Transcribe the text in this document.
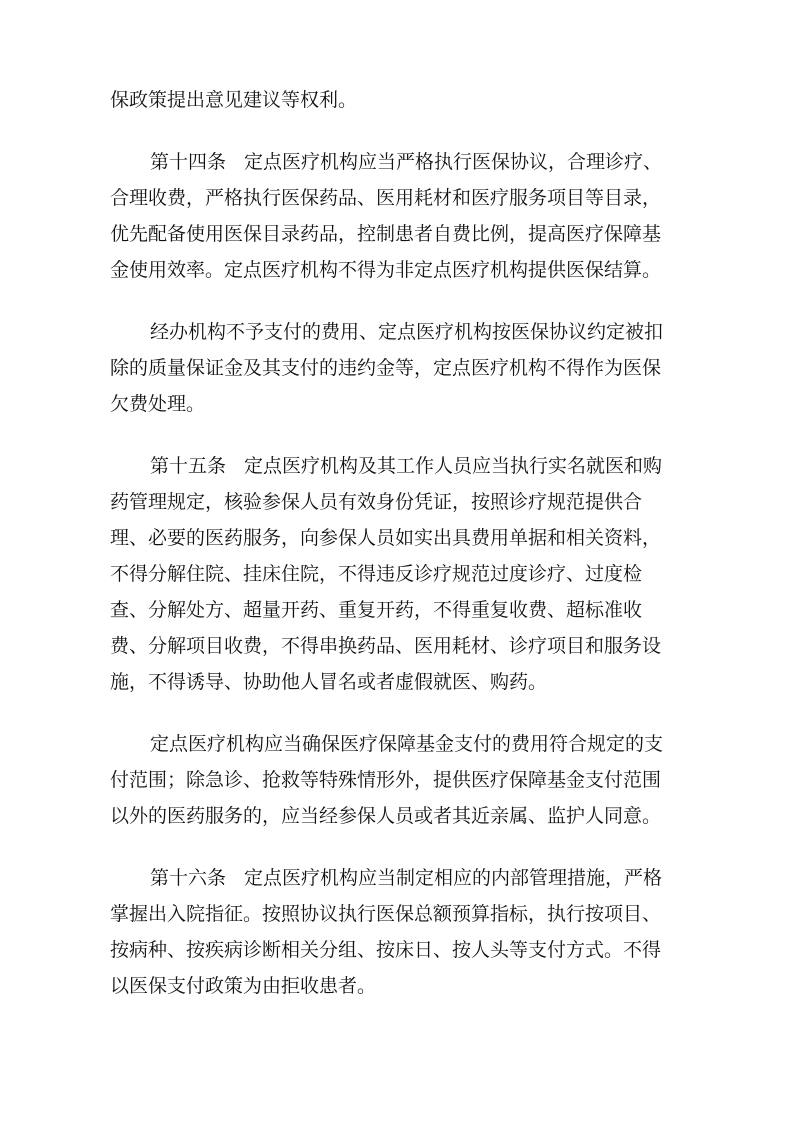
保政策提出意见建议等权利。

第十四条 定点医疗机构应当严格执行医保协议，合理诊疗、
合理收费，严格执行医保药品、医用耗材和医疗服务项目等目录，
优先配备使用医保目录药品，控制患者自费比例，提高医疗保障基
金使用效率。定点医疗机构不得为非定点医疗机构提供医保结算。

经办机构不予支付的费用、定点医疗机构按医保协议约定被扣
除的质量保证金及其支付的违约金等，定点医疗机构不得作为医保
欠费处理。

第十五条 定点医疗机构及其工作人员应当执行实名就医和购
药管理规定，核验参保人员有效身份凭证，按照诊疗规范提供合
理、必要的医药服务，向参保人员如实出具费用单据和相关资料，
不得分解住院、挂床住院，不得违反诊疗规范过度诊疗、过度检
查、分解处方、超量开药、重复开药，不得重复收费、超标准收
费、分解项目收费，不得串换药品、医用耗材、诊疗项目和服务设
施，不得诱导、协助他人冒名或者虚假就医、购药。

定点医疗机构应当确保医疗保障基金支付的费用符合规定的支
付范围；除急诊、抢救等特殊情形外，提供医疗保障基金支付范围
以外的医药服务的，应当经参保人员或者其近亲属、监护人同意。

第十六条 定点医疗机构应当制定相应的内部管理措施，严格
掌握出入院指征。按照协议执行医保总额预算指标，执行按项目、
按病种、按疾病诊断相关分组、按床日、按人头等支付方式。不得
以医保支付政策为由拒收患者。
